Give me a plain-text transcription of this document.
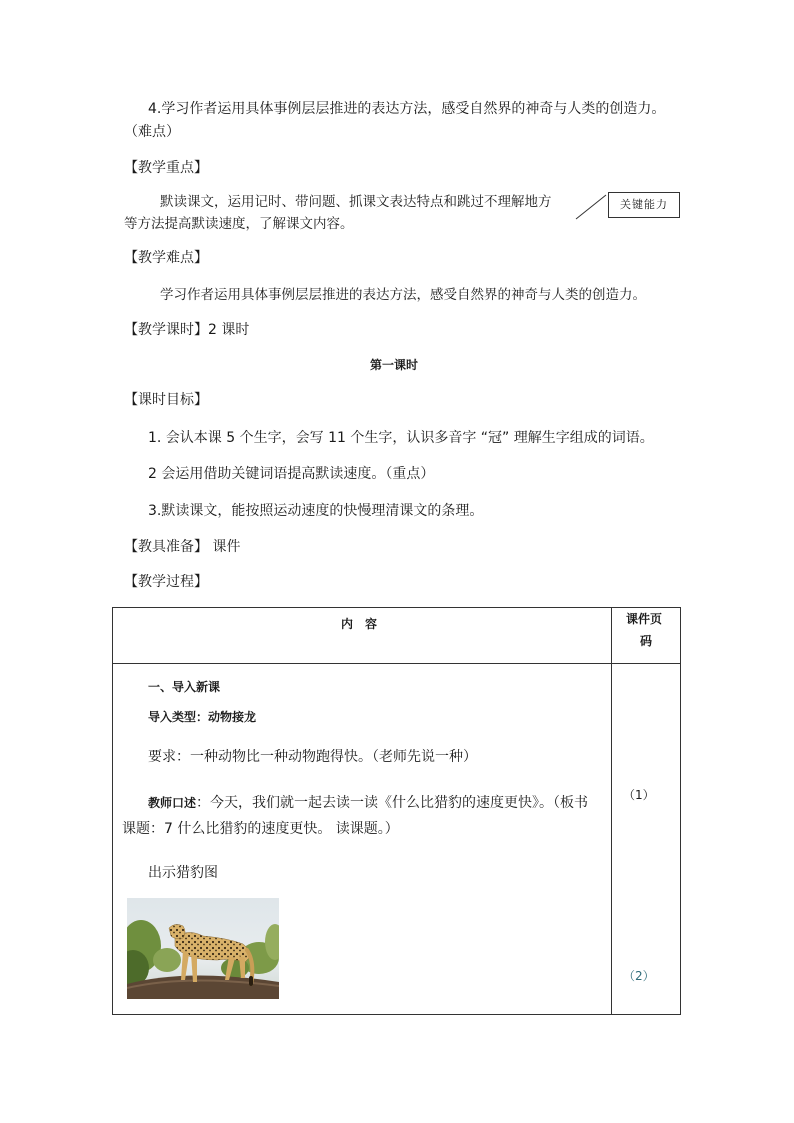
4.学习作者运用具体事例层层推进的表达方法，感受自然界的神奇与人类的创造力。
（难点）
【教学重点】
默读课文，运用记时、带问题、抓课文表达特点和跳过不理解地方
等方法提高默读速度，了解课文内容。
关键能力
【教学难点】
学习作者运用具体事例层层推进的表达方法，感受自然界的神奇与人类的创造力。
【教学课时】2 课时
第一课时
【课时目标】
1. 会认本课 5 个生字，会写 11 个生字，认识多音字 “冠” 理解生字组成的词语。
2 会运用借助关键词语提高默读速度。（重点）
3.默读课文，能按照运动速度的快慢理清课文的条理。
【教具准备】 课件
【教学过程】
内　容	课件页
码
一、导入新课
导入类型：动物接龙
要求：一种动物比一种动物跑得快。（老师先说一种）
教师口述：今天，我们就一起去读一读《什么比猎豹的速度更快》。（板书
课题：7 什么比猎豹的速度更快。 读课题。）
出示猎豹图
（1）
（2）
